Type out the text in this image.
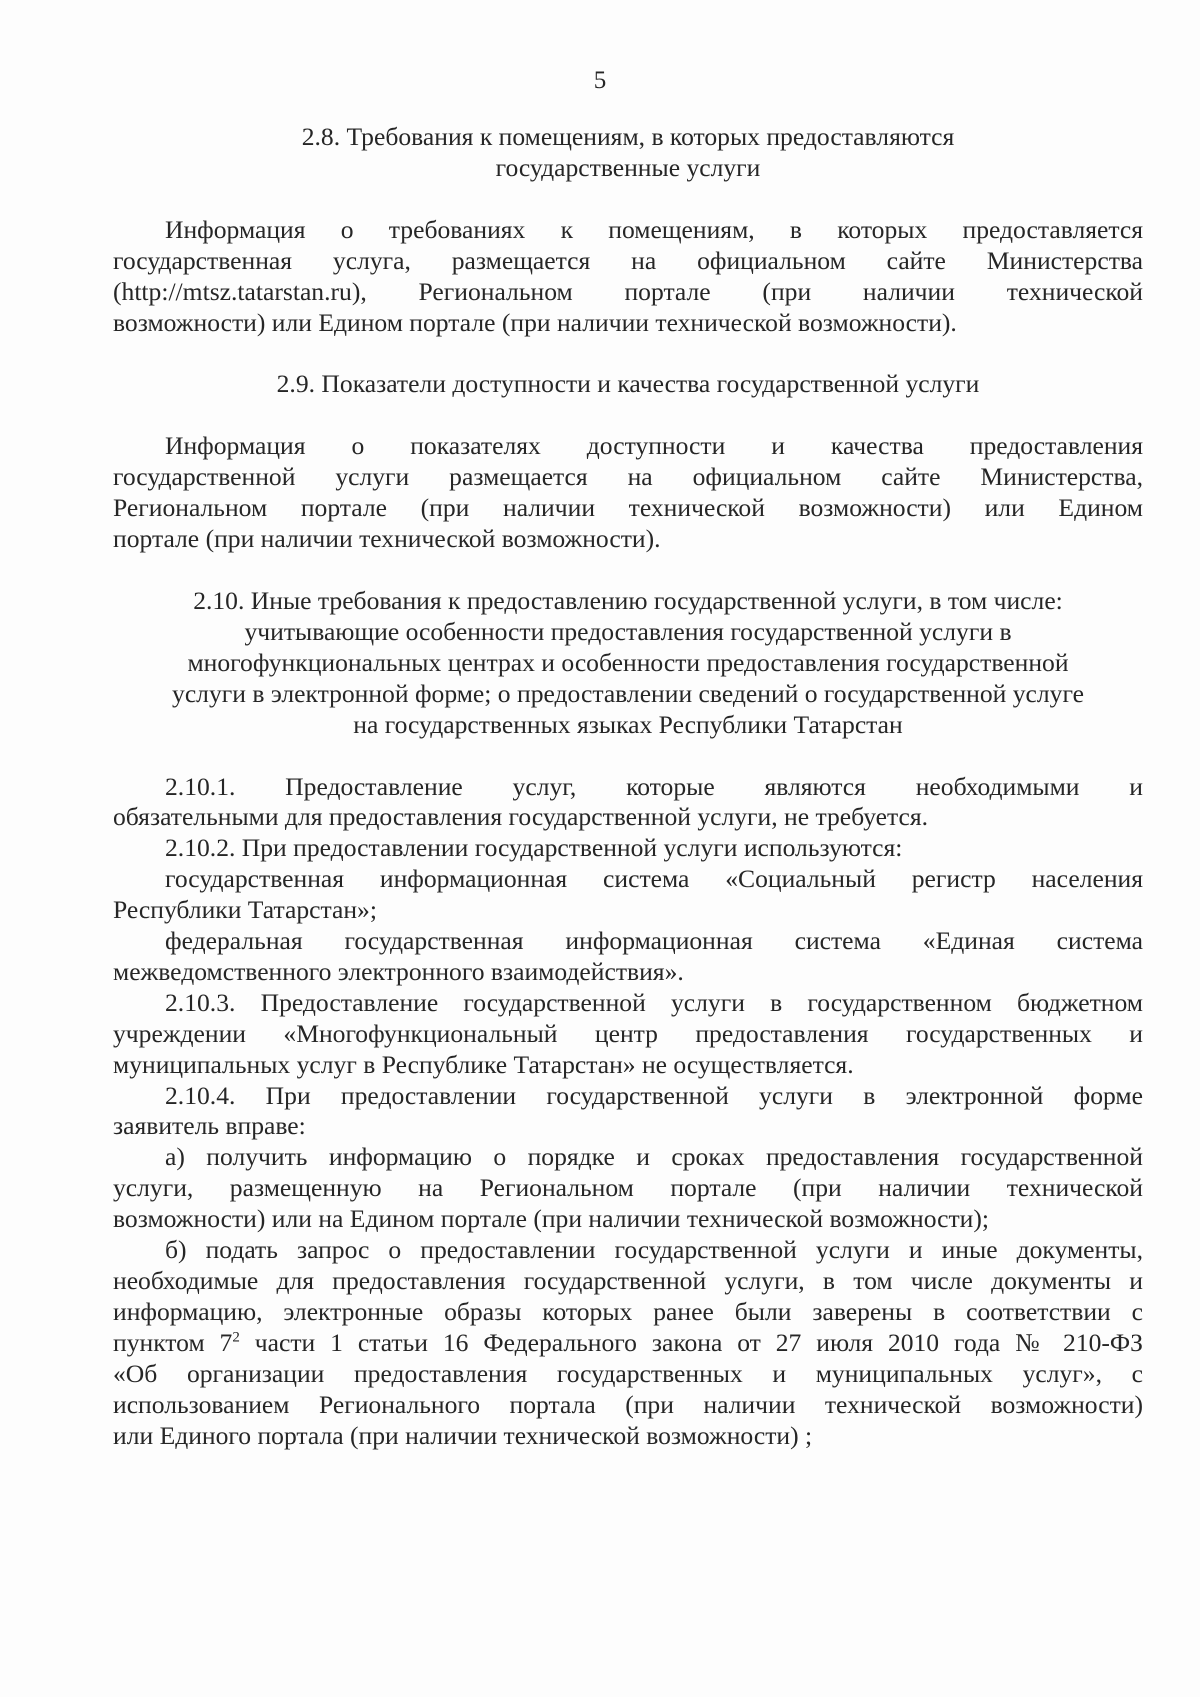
5
2.8. Требования к помещениям, в которых предоставляются
государственные услуги
Информация о требованиях к помещениям, в которых предоставляется
государственная услуга, размещается на официальном сайте Министерства
(http://mtsz.tatarstan.ru), Региональном портале (при наличии технической
возможности) или Едином портале (при наличии технической возможности).
2.9. Показатели доступности и качества государственной услуги
Информация о показателях доступности и качества предоставления
государственной услуги размещается на официальном сайте Министерства,
Региональном портале (при наличии технической возможности) или Едином
портале (при наличии технической возможности).
2.10. Иные требования к предоставлению государственной услуги, в том числе:
учитывающие особенности предоставления государственной услуги в
многофункциональных центрах и особенности предоставления государственной
услуги в электронной форме; о предоставлении сведений о государственной услуге
на государственных языках Республики Татарстан
2.10.1. Предоставление услуг, которые являются необходимыми и
обязательными для предоставления государственной услуги, не требуется.
2.10.2. При предоставлении государственной услуги используются:
государственная информационная система «Социальный регистр населения
Республики Татарстан»;
федеральная государственная информационная система «Единая система
межведомственного электронного взаимодействия».
2.10.3. Предоставление государственной услуги в государственном бюджетном
учреждении «Многофункциональный центр предоставления государственных и
муниципальных услуг в Республике Татарстан» не осуществляется.
2.10.4. При предоставлении государственной услуги в электронной форме
заявитель вправе:
а) получить информацию о порядке и сроках предоставления государственной
услуги, размещенную на Региональном портале (при наличии технической
возможности) или на Едином портале (при наличии технической возможности);
б) подать запрос о предоставлении государственной услуги и иные документы,
необходимые для предоставления государственной услуги, в том числе документы и
информацию, электронные образы которых ранее были заверены в соответствии с
пунктом $7^2$ части 1 статьи 16 Федерального закона от 27 июля 2010 года № 210-ФЗ
«Об организации предоставления государственных и муниципальных услуг», с
использованием Регионального портала (при наличии технической возможности)
или Единого портала (при наличии технической возможности) ;
